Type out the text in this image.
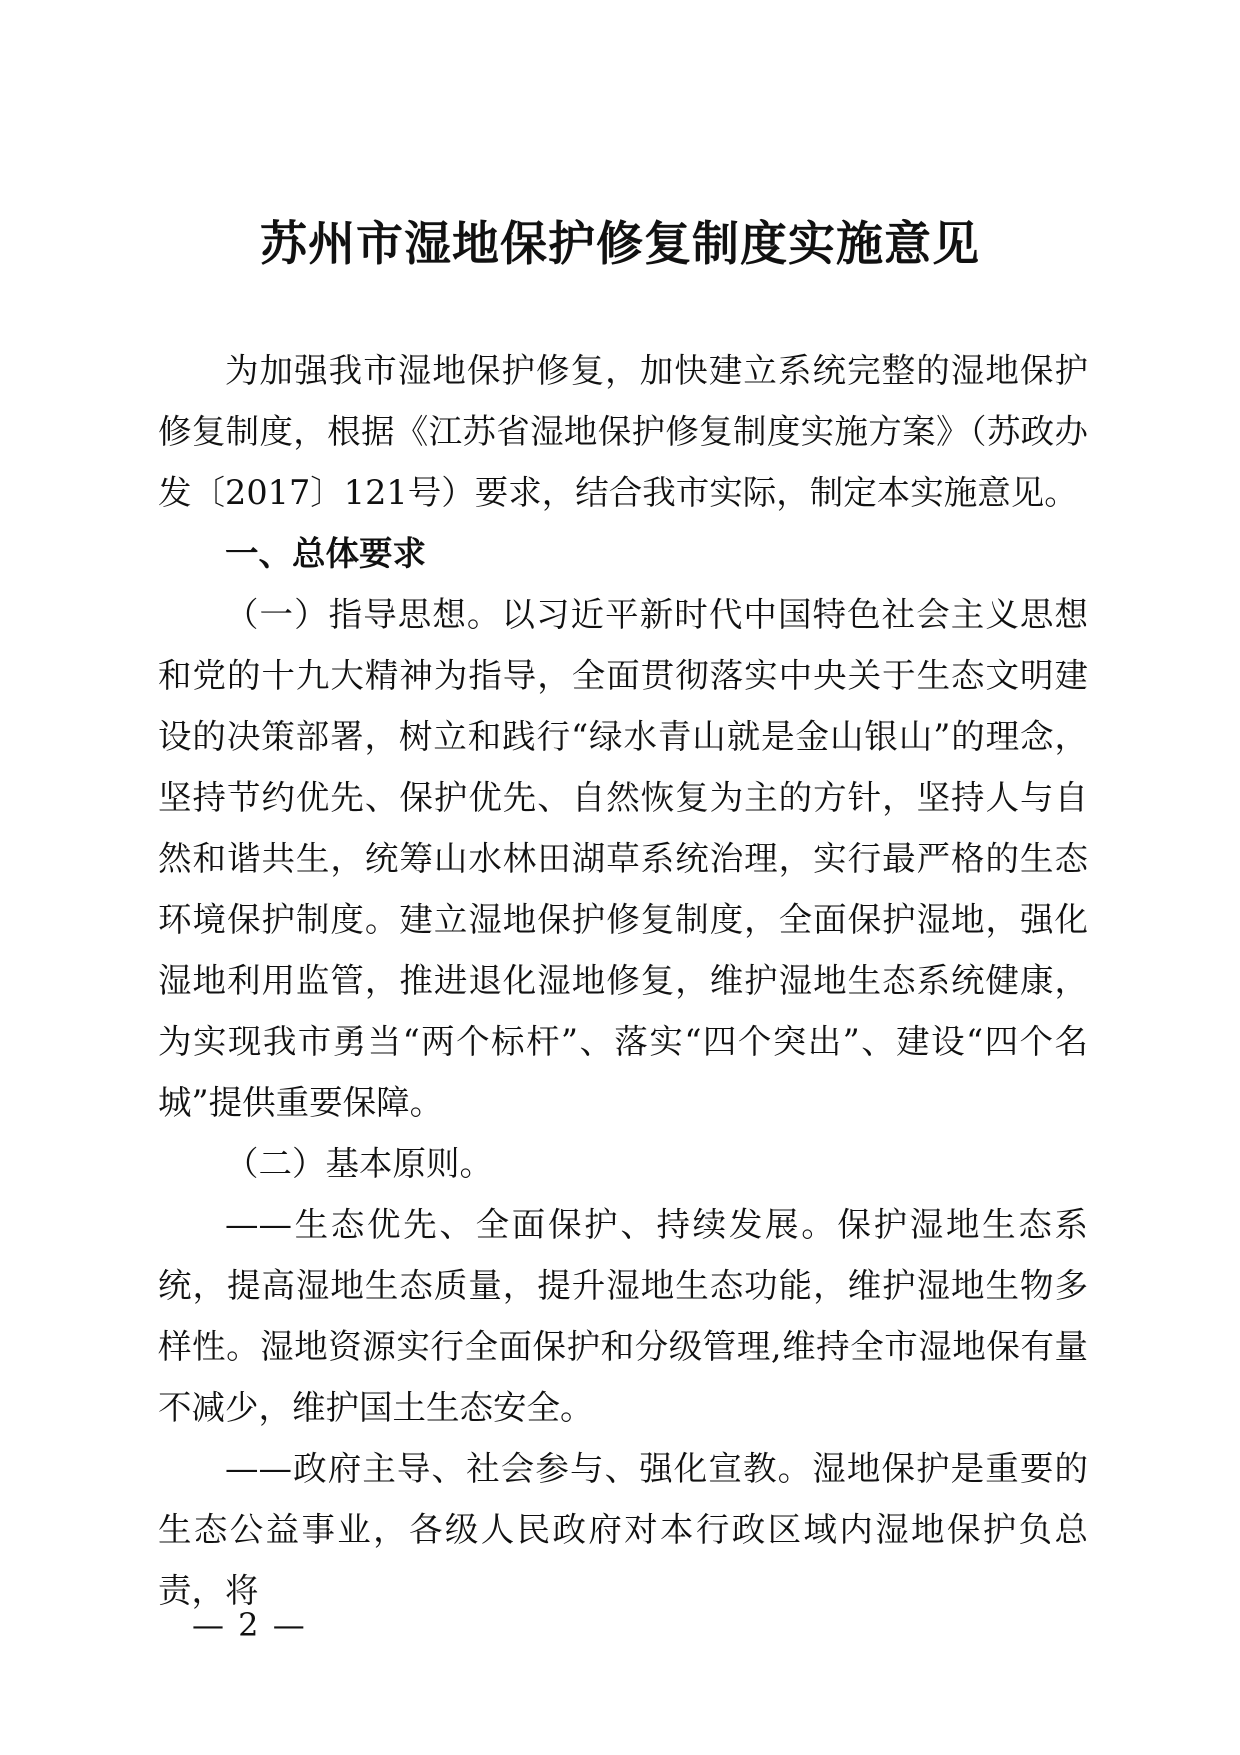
苏州市湿地保护修复制度实施意见

为加强我市湿地保护修复，加快建立系统完整的湿地保护修复制度，根据《江苏省湿地保护修复制度实施方案》（苏政办发〔2017〕121号）要求，结合我市实际，制定本实施意见。

一、总体要求

（一）指导思想。以习近平新时代中国特色社会主义思想和党的十九大精神为指导，全面贯彻落实中央关于生态文明建设的决策部署，树立和践行“绿水青山就是金山银山”的理念，坚持节约优先、保护优先、自然恢复为主的方针，坚持人与自然和谐共生，统筹山水林田湖草系统治理，实行最严格的生态环境保护制度。建立湿地保护修复制度，全面保护湿地，强化湿地利用监管，推进退化湿地修复，维护湿地生态系统健康，为实现我市勇当“两个标杆”、落实“四个突出”、建设“四个名城”提供重要保障。

（二）基本原则。

——生态优先、全面保护、持续发展。保护湿地生态系统，提高湿地生态质量，提升湿地生态功能，维护湿地生物多样性。湿地资源实行全面保护和分级管理,维持全市湿地保有量不减少，维护国土生态安全。

——政府主导、社会参与、强化宣教。湿地保护是重要的生态公益事业，各级人民政府对本行政区域内湿地保护负总责，将

— 2 —
